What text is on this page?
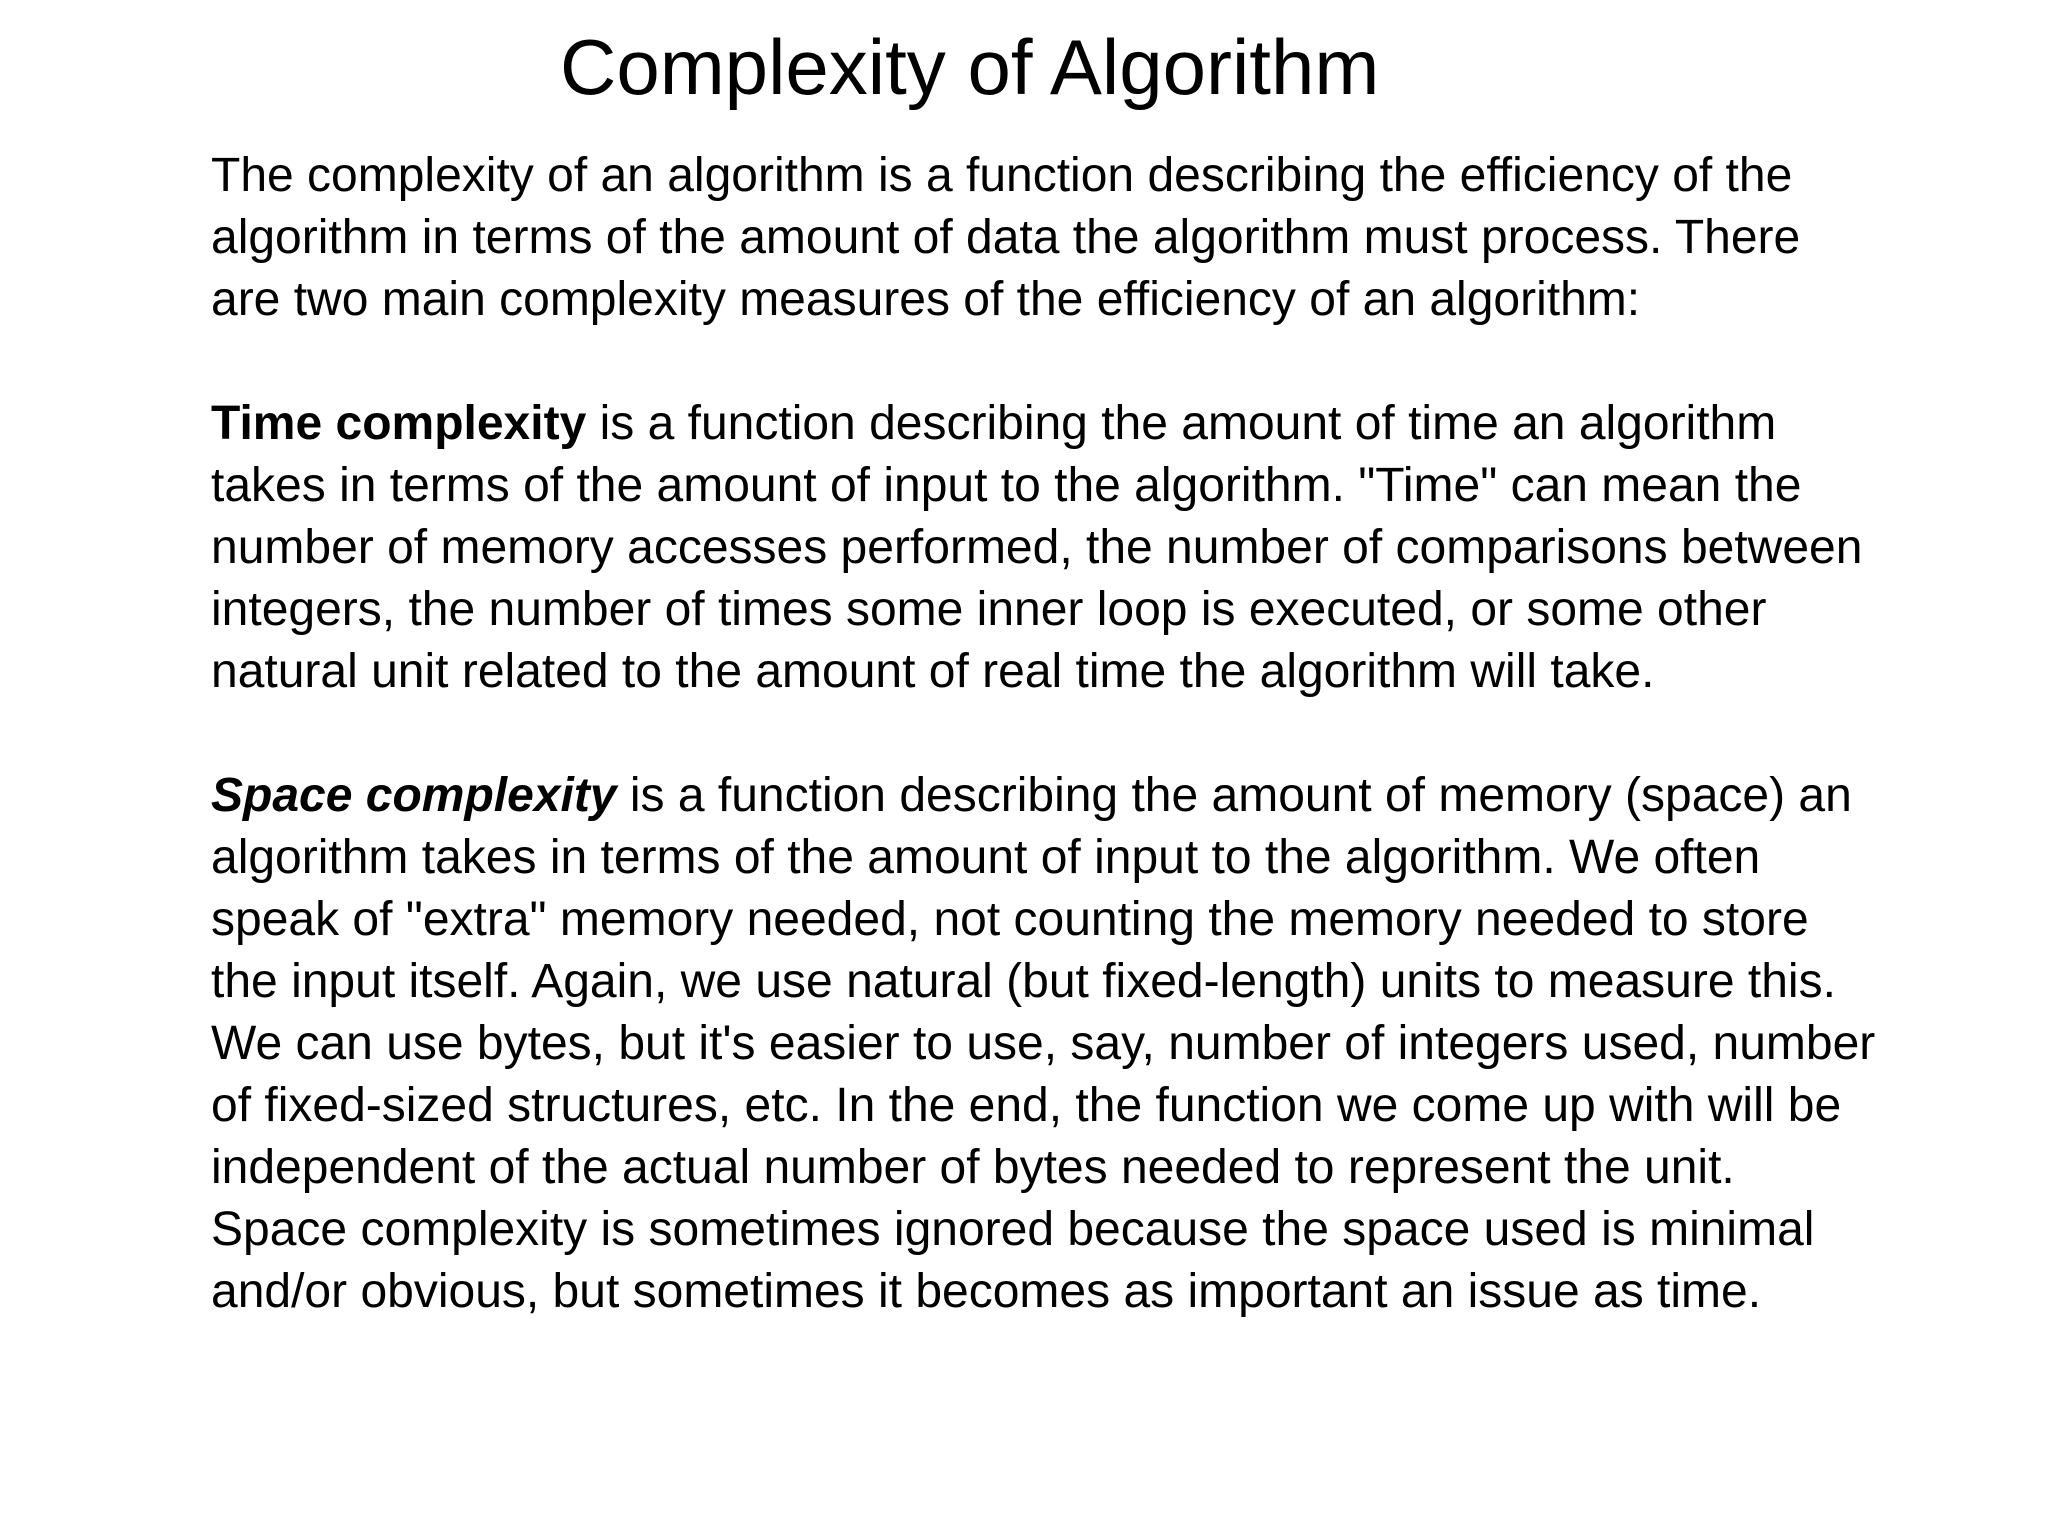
Complexity of Algorithm
The complexity of an algorithm is a function describing the efficiency of the
algorithm in terms of the amount of data the algorithm must process. There
are two main complexity measures of the efficiency of an algorithm:
Time complexity is a function describing the amount of time an algorithm
takes in terms of the amount of input to the algorithm. "Time" can mean the
number of memory accesses performed, the number of comparisons between
integers, the number of times some inner loop is executed, or some other
natural unit related to the amount of real time the algorithm will take.
Space complexity is a function describing the amount of memory (space) an
algorithm takes in terms of the amount of input to the algorithm. We often
speak of "extra" memory needed, not counting the memory needed to store
the input itself. Again, we use natural (but fixed-length) units to measure this.
We can use bytes, but it's easier to use, say, number of integers used, number
of fixed-sized structures, etc. In the end, the function we come up with will be
independent of the actual number of bytes needed to represent the unit.
Space complexity is sometimes ignored because the space used is minimal
and/or obvious, but sometimes it becomes as important an issue as time.
